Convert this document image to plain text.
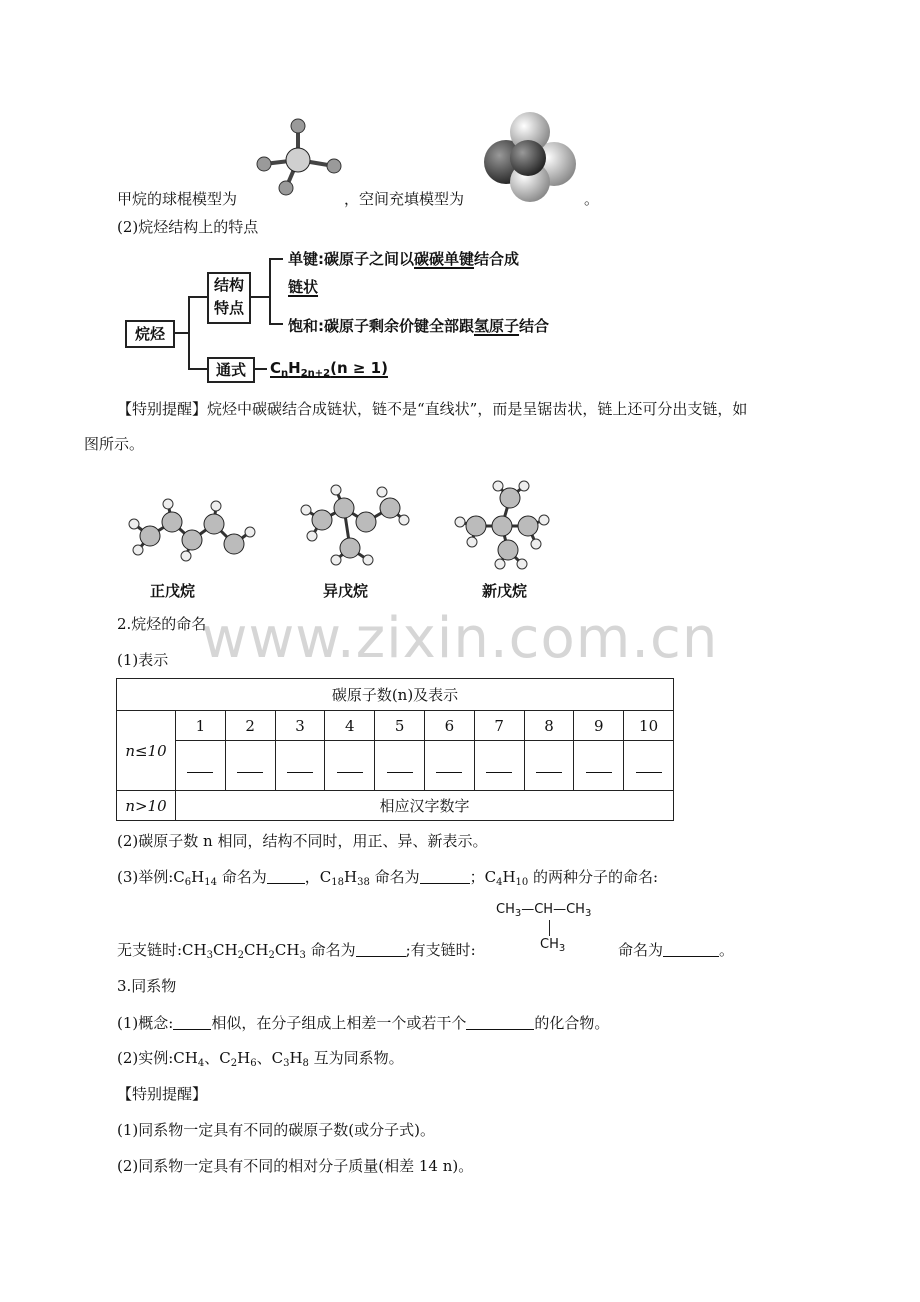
www.zixin.com.cn
甲烷的球棍模型为	，空间充填模型为	。
(2)烷烃结构上的特点
烷烃
结构特点
单键:碳原子之间以碳碳单键结合成
链状
饱和:碳原子剩余价键全部跟氢原子结合
通式	$C_nH_{2n+2}(n \ge 1)$
【特别提醒】烷烃中碳碳结合成链状，链不是“直线状”，而是呈锯齿状，链上还可分出支链，如
图所示。
正戊烷	异戊烷	新戊烷
2.烷烃的命名
(1)表示
碳原子数(n)及表示										
n≤10	1	2	3	4	5	6	7	8	9	10

n>10	相应汉字数字									
(2)碳原子数 n 相同，结构不同时，用正、异、新表示。
(3)举例$:C_6H_{14}$ 命名为	，$C_{18}H_{38}$ 命名为	；$C_4H_{10}$ 的两种分子的命名:
$CH_3—CH—CH_3$
$CH_3$
无支链时$:CH_3CH_2CH_2CH_3$ 命名为	;有支链时:	命名为	。
3.同系物
(1)概念:	相似，在分子组成上相差一个或若干个	的化合物。
(2)实例$:CH_4$、$C_2H_6$、$C_3H_8$ 互为同系物。
【特别提醒】
(1)同系物一定具有不同的碳原子数(或分子式)。
(2)同系物一定具有不同的相对分子质量(相差 14 n)。
